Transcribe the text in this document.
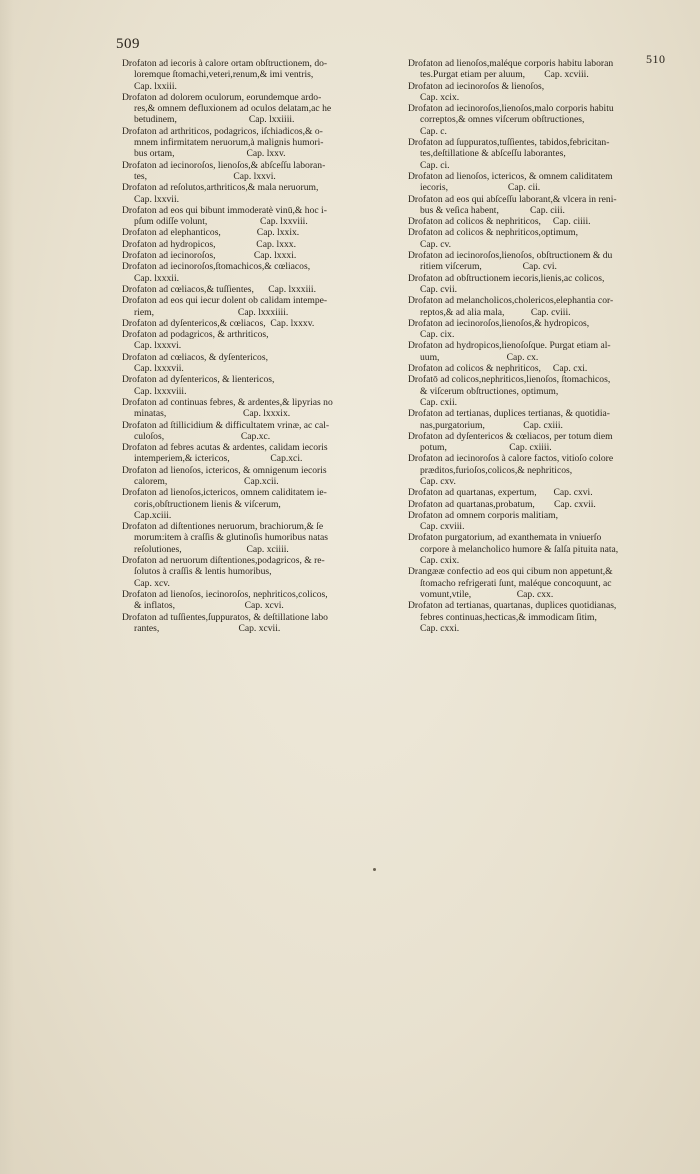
509
510
Drofaton ad iecoris à calore ortam obſtructionem, do-
loremque ſtomachi,veteri,renum,& imi ventris,
Cap. lxxiii.
Drofaton ad dolorem oculorum, eorundemque ardo-
res,& omnem defluxionem ad oculos delatam,ac he
betudinem,                              Cap. lxxiiii.
Drofaton ad arthriticos, podagricos, iſchiadicos,& o-
mnem infirmitatem neruorum,à malignis humori-
bus ortam,                              Cap. lxxv.
Drofaton ad iecinoroſos, lienoſos,& abſceſſu laboran-
tes,                                    Cap. lxxvi.
Drofaton ad reſolutos,arthriticos,& mala neruorum,
Cap. lxxvii.
Drofaton ad eos qui bibunt immoderatè vinū,& hoc i-
pſum odiſſe volunt,                      Cap. lxxviii.
Drofaton ad elephanticos,               Cap. lxxix.
Drofaton ad hydropicos,                 Cap. lxxx.
Drofaton ad iecinoroſos,                Cap. lxxxi.
Drofaton ad iecinoroſos,ſtomachicos,& cœliacos,
Cap. lxxxii.
Drofaton ad cœliacos,& tuſſientes,      Cap. lxxxiii.
Drofaton ad eos qui iecur dolent ob calidam intempe-
riem,                                   Cap. lxxxiiii.
Drofaton ad dyſentericos,& cœliacos,  Cap. lxxxv.
Drofaton ad podagricos, & arthriticos,
Cap. lxxxvi.
Drofaton ad cœliacos, & dyſentericos,
Cap. lxxxvii.
Drofaton ad dyſentericos, & lientericos,
Cap. lxxxviii.
Drofaton ad continuas febres, & ardentes,& lipyrias no
minatas,                                Cap. lxxxix.
Drofaton ad ſtillicidium & difficultatem vrinæ, ac cal-
culoſos,                                Cap.xc.
Drofaton ad febres acutas & ardentes, calidam iecoris
intemperiem,& ictericos,                 Cap.xci.
Drofaton ad lienoſos, ictericos, & omnigenum iecoris
calorem,                                Cap.xcii.
Drofaton ad lienoſos,ictericos, omnem caliditatem ie-
coris,obſtructionem lienis & viſcerum,
Cap.xciii.
Drofaton ad diſtentiones neruorum, brachiorum,& ſe
morum:item à craſſis & glutinoſis humoribus natas
reſolutiones,                           Cap. xciiii.
Drofaton ad neruorum diſtentiones,podagricos, & re-
ſolutos à craſſis & lentis humoribus,
Cap. xcv.
Drofaton ad lienoſos, iecinoroſos, nephriticos,colicos,
& inflatos,                             Cap. xcvi.
Drofaton ad tuſſientes,ſuppuratos, & deſtillatione labo
rantes,                                 Cap. xcvii.
Drofaton ad lienoſos,maléque corporis habitu laboran
tes.Purgat etiam per aluum,        Cap. xcviii.
Drofaton ad iecinoroſos & lienoſos,
Cap. xcix.
Drofaton ad iecinoroſos,lienoſos,malo corporis habitu
correptos,& omnes viſcerum obſtructiones,
Cap. c.
Drofaton ad ſuppuratos,tuſſientes, tabidos,febricitan-
tes,deſtillatione & abſceſſu laborantes,
Cap. ci.
Drofaton ad lienoſos, ictericos, & omnem caliditatem
iecoris,                         Cap. cii.
Drofaton ad eos qui abſceſſu laborant,& vlcera in reni-
bus & veſica habent,             Cap. ciii.
Drofaton ad colicos & nephriticos,     Cap. ciiii.
Drofaton ad colicos & nephriticos,optimum,
Cap. cv.
Drofaton ad iecinoroſos,lienoſos, obſtructionem & du
ritiem viſcerum,                 Cap. cvi.
Drofaton ad obſtructionem iecoris,lienis,ac colicos,
Cap. cvii.
Drofaton ad melancholicos,cholericos,elephantia cor-
reptos,& ad alia mala,           Cap. cviii.
Drofaton ad iecinoroſos,lienoſos,& hydropicos,
Cap. cix.
Drofaton ad hydropicos,lienoſoſque. Purgat etiam al-
uum,                            Cap. cx.
Drofaton ad colicos & nephriticos,     Cap. cxi.
Drofatō ad colicos,nephriticos,lienoſos, ſtomachicos,
& viſcerum obſtructiones, optimum,
Cap. cxii.
Drofaton ad tertianas, duplices tertianas, & quotidia-
nas,purgatorium,                Cap. cxiii.
Drofaton ad dyſentericos & cœliacos, per totum diem
potum,                          Cap. cxiiii.
Drofaton ad iecinoroſos à calore factos, vitioſo colore
præditos,furioſos,colicos,& nephriticos,
Cap. cxv.
Drofaton ad quartanas, expertum,       Cap. cxvi.
Drofaton ad quartanas,probatum,        Cap. cxvii.
Drofaton ad omnem corporis malitiam,
Cap. cxviii.
Drofaton purgatorium, ad exanthemata in vniuerſo
corpore à melancholico humore & ſalſa pituita nata,
Cap. cxix.
Drangææ confectio ad eos qui cibum non appetunt,&
ſtomacho refrigerati ſunt, maléque concoquunt, ac
vomunt,vtile,                   Cap. cxx.
Drofaton ad tertianas, quartanas, duplices quotidianas,
febres continuas,hecticas,& immodicam ſitim,
Cap. cxxi.
